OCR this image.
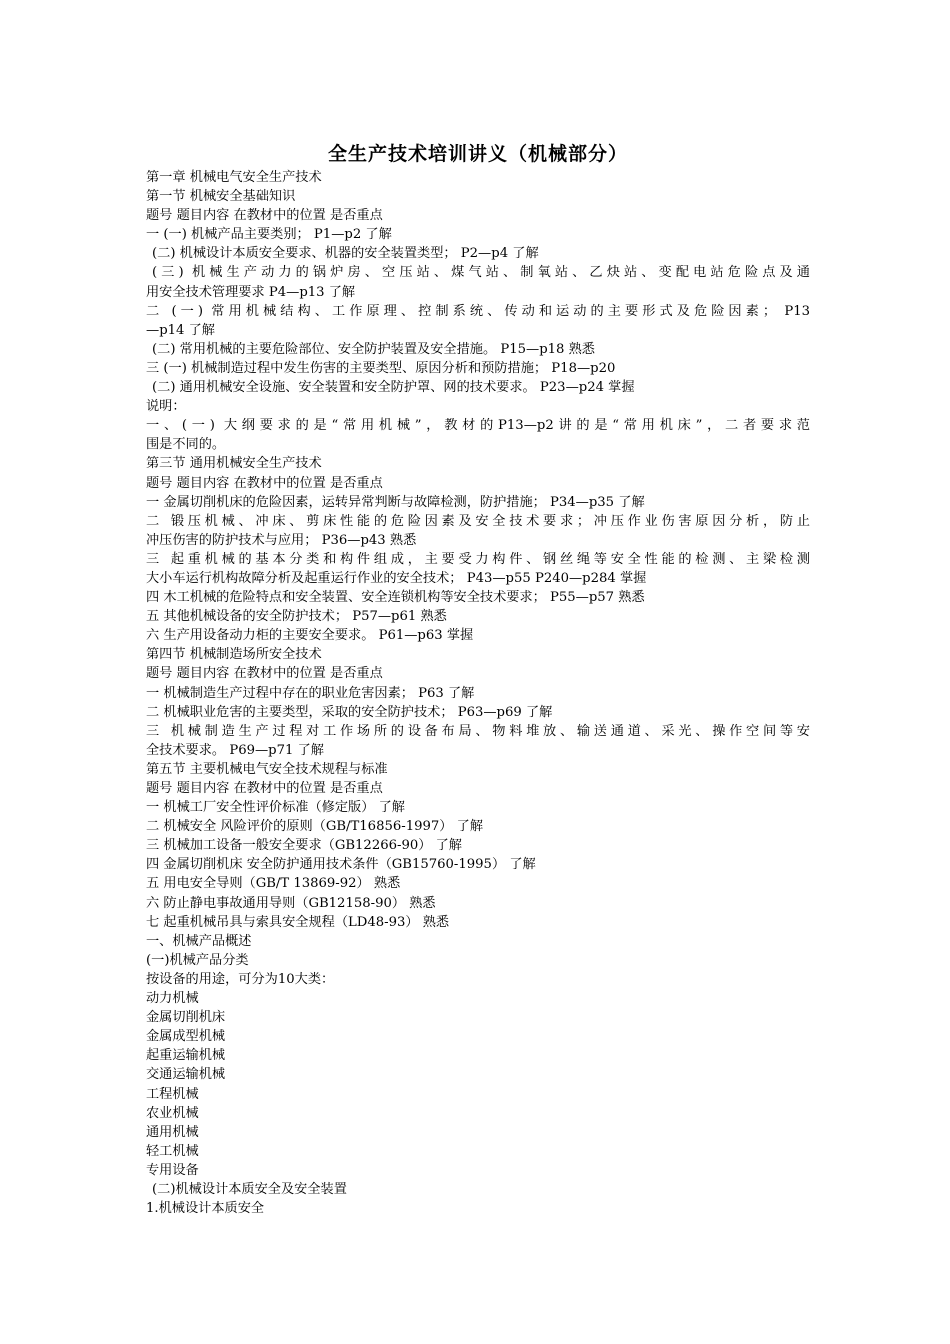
全生产技术培训讲义（机械部分）
第一章 机械电气安全生产技术
第一节 机械安全基础知识
题号 题目内容 在教材中的位置 是否重点
一 (一) 机械产品主要类别； P1—p2 了解
(二) 机械设计本质安全要求、机器的安全装置类型； P2—p4 了解
(三) 机械生产动力的锅炉房、空压站、煤气站、制氧站、乙炔站、变配电站危险点及通
用安全技术管理要求 P4—p13 了解
二 (一) 常用机械结构、工作原理、控制系统、传动和运动的主要形式及危险因素； P13
—p14 了解
(二) 常用机械的主要危险部位、安全防护装置及安全措施。 P15—p18 熟悉
三 (一) 机械制造过程中发生伤害的主要类型、原因分析和预防措施； P18—p20
(二) 通用机械安全设施、安全装置和安全防护罩、网的技术要求。 P23—p24 掌握
说明：
一、(一) 大纲要求的是“常用机械”，教材的P13—p2讲的是“常用机床”，二者要求范
围是不同的。
第三节 通用机械安全生产技术
题号 题目内容 在教材中的位置 是否重点
一 金属切削机床的危险因素，运转异常判断与故障检测，防护措施； P34—p35 了解
二 锻压机械、冲床、剪床性能的危险因素及安全技术要求；冲压作业伤害原因分析，防止
冲压伤害的防护技术与应用； P36—p43 熟悉
三 起重机械的基本分类和构件组成，主要受力构件、钢丝绳等安全性能的检测、主梁检测
大小车运行机构故障分析及起重运行作业的安全技术； P43—p55 P240—p284 掌握
四 木工机械的危险特点和安全装置、安全连锁机构等安全技术要求； P55—p57 熟悉
五 其他机械设备的安全防护技术； P57—p61 熟悉
六 生产用设备动力柜的主要安全要求。 P61—p63 掌握
第四节 机械制造场所安全技术
题号 题目内容 在教材中的位置 是否重点
一 机械制造生产过程中存在的职业危害因素； P63 了解
二 机械职业危害的主要类型，采取的安全防护技术； P63—p69 了解
三 机械制造生产过程对工作场所的设备布局、物料堆放、输送通道、采光、操作空间等安
全技术要求。 P69—p71 了解
第五节 主要机械电气安全技术规程与标准
题号 题目内容 在教材中的位置 是否重点
一 机械工厂安全性评价标准（修定版） 了解
二 机械安全 风险评价的原则（GB/T16856-1997） 了解
三 机械加工设备一般安全要求（GB12266-90） 了解
四 金属切削机床 安全防护通用技术条件（GB15760-1995） 了解
五 用电安全导则（GB/T 13869-92） 熟悉
六 防止静电事故通用导则（GB12158-90） 熟悉
七 起重机械吊具与索具安全规程（LD48-93） 熟悉
一、机械产品概述
(一)机械产品分类
按设备的用途，可分为10大类：
动力机械
金属切削机床
金属成型机械
起重运输机械
交通运输机械
工程机械
农业机械
通用机械
轻工机械
专用设备
(二)机械设计本质安全及安全装置
1.机械设计本质安全
